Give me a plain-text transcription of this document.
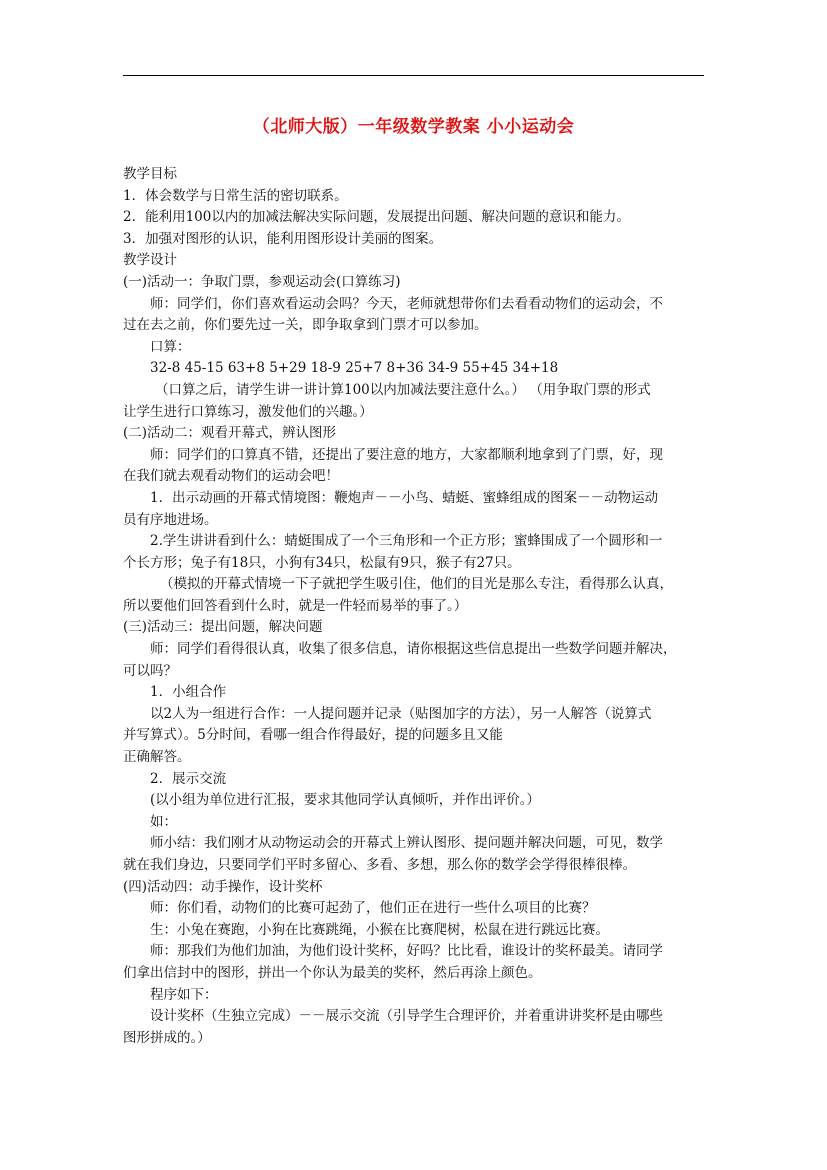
（北师大版）一年级数学教案 小小运动会

教学目标

1．体会数学与日常生活的密切联系。

2．能利用100以内的加减法解决实际问题，发展提出问题、解决问题的意识和能力。

3．加强对图形的认识，能利用图形设计美丽的图案。

教学设计

(一)活动一：争取门票，参观运动会(口算练习)

师：同学们，你们喜欢看运动会吗？今天，老师就想带你们去看看动物们的运动会，不

过在去之前，你们要先过一关，即争取拿到门票才可以参加。

口算：

32-8 45-15 63+8 5+29 18-9 25+7 8+36 34-9 55+45 34+18

（口算之后，请学生讲一讲计算100以内加减法要注意什么。） （用争取门票的形式

让学生进行口算练习，激发他们的兴趣。）

(二)活动二：观看开幕式，辨认图形

师：同学们的口算真不错，还提出了要注意的地方，大家都顺利地拿到了门票，好，现

在我们就去观看动物们的运动会吧！

1．出示动画的开幕式情境图：鞭炮声－－小鸟、蜻蜓、蜜蜂组成的图案－－动物运动

员有序地进场。

2.学生讲讲看到什么：蜻蜓围成了一个三角形和一个正方形；蜜蜂围成了一个圆形和一

个长方形；兔子有18只，小狗有34只，松鼠有9只，猴子有27只。

（模拟的开幕式情境一下子就把学生吸引住，他们的目光是那么专注，看得那么认真，

所以要他们回答看到什么时，就是一件轻而易举的事了。）

(三)活动三：提出问题，解决问题

师：同学们看得很认真，收集了很多信息，请你根据这些信息提出一些数学问题并解决，

可以吗？

1．小组合作

以2人为一组进行合作：一人提问题并记录（贴图加字的方法），另一人解答（说算式

并写算式）。5分时间，看哪一组合作得最好，提的问题多且又能

正确解答。

2．展示交流

(以小组为单位进行汇报，要求其他同学认真倾听，并作出评价。）

如：

师小结：我们刚才从动物运动会的开幕式上辨认图形、提问题并解决问题，可见，数学

就在我们身边，只要同学们平时多留心、多看、多想，那么你的数学会学得很棒很棒。

(四)活动四：动手操作，设计奖杯

师：你们看，动物们的比赛可起劲了，他们正在进行一些什么项目的比赛？

生：小兔在赛跑，小狗在比赛跳绳，小猴在比赛爬树，松鼠在进行跳远比赛。

师：那我们为他们加油，为他们设计奖杯，好吗？比比看，谁设计的奖杯最美。请同学

们拿出信封中的图形，拼出一个你认为最美的奖杯，然后再涂上颜色。

程序如下：

设计奖杯（生独立完成）－－展示交流（引导学生合理评价，并着重讲讲奖杯是由哪些

图形拼成的。）
